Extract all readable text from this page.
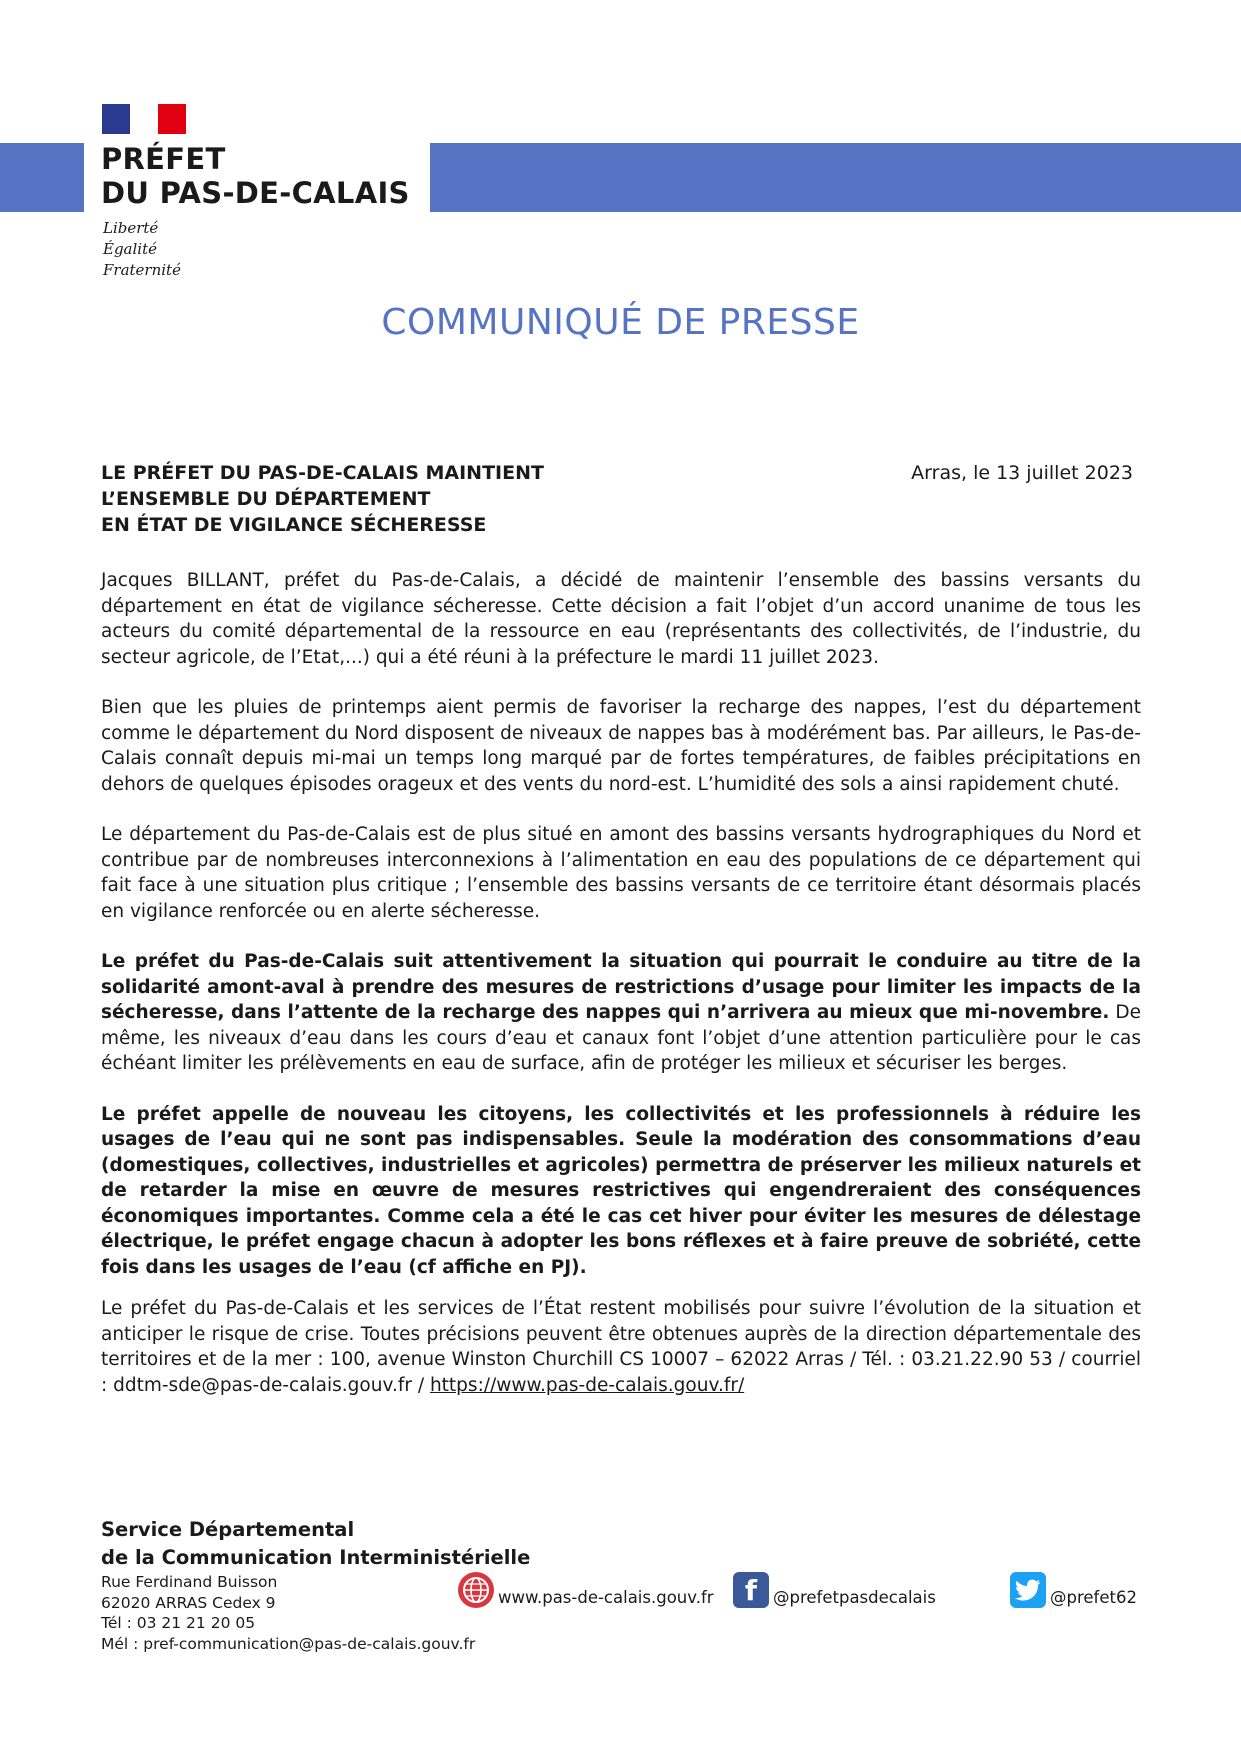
PRÉFET
DU PAS-DE-CALAIS

Liberté
Égalité
Fraternité

COMMUNIQUÉ DE PRESSE
LE PRÉFET DU PAS-DE-CALAIS MAINTIENT
L’ENSEMBLE DU DÉPARTEMENT
EN ÉTAT DE VIGILANCE SÉCHERESSE
Arras, le 13 juillet 2023

Jacques BILLANT, préfet du Pas-de-Calais, a décidé de maintenir l’ensemble des bassins versants du département en état de vigilance sécheresse. Cette décision a fait l’objet d’un accord unanime de tous les acteurs du comité départemental de la ressource en eau (représentants des collectivités, de l’industrie, du secteur agricole, de l’Etat,...) qui a été réuni à la préfecture le mardi 11 juillet 2023.

Bien que les pluies de printemps aient permis de favoriser la recharge des nappes, l’est du département comme le département du Nord disposent de niveaux de nappes bas à modérément bas. Par ailleurs, le Pas-de-Calais connaît depuis mi-mai un temps long marqué par de fortes températures, de faibles précipitations en dehors de quelques épisodes orageux et des vents du nord-est. L’humidité des sols a ainsi rapidement chuté.

Le département du Pas-de-Calais est de plus situé en amont des bassins versants hydrographiques du Nord et contribue par de nombreuses interconnexions à l’alimentation en eau des populations de ce département qui fait face à une situation plus critique ; l’ensemble des bassins versants de ce territoire étant désormais placés en vigilance renforcée ou en alerte sécheresse.

Le préfet du Pas-de-Calais suit attentivement la situation qui pourrait le conduire au titre de la solidarité amont-aval à prendre des mesures de restrictions d’usage pour limiter les impacts de la sécheresse, dans l’attente de la recharge des nappes qui n’arrivera au mieux que mi-novembre. De même, les niveaux d’eau dans les cours d’eau et canaux font l’objet d’une attention particulière pour le cas échéant limiter les prélèvements en eau de surface, afin de protéger les milieux et sécuriser les berges.

Le préfet appelle de nouveau les citoyens, les collectivités et les professionnels à réduire les usages de l’eau qui ne sont pas indispensables. Seule la modération des consommations d’eau (domestiques, collectives, industrielles et agricoles) permettra de préserver les milieux naturels et de retarder la mise en œuvre de mesures restrictives qui engendreraient des conséquences économiques importantes. Comme cela a été le cas cet hiver pour éviter les mesures de délestage électrique, le préfet engage chacun à adopter les bons réflexes et à faire preuve de sobriété, cette fois dans les usages de l’eau (cf affiche en PJ).

Le préfet du Pas-de-Calais et les services de l’État restent mobilisés pour suivre l’évolution de la situation et anticiper le risque de crise. Toutes précisions peuvent être obtenues auprès de la direction départementale des territoires et de la mer : 100, avenue Winston Churchill CS 10007 – 62022 Arras / Tél. : 03.21.22.90 53 / courriel : ddtm-sde@pas-de-calais.gouv.fr / https://www.pas-de-calais.gouv.fr/

Service Départemental
de la Communication Interministérielle

Rue Ferdinand Buisson
62020 ARRAS Cedex 9
Tél : 03 21 21 20 05
Mél : pref-communication@pas-de-calais.gouv.fr
www.pas-de-calais.gouv.fr	f @prefetpasdecalais	@prefet62
